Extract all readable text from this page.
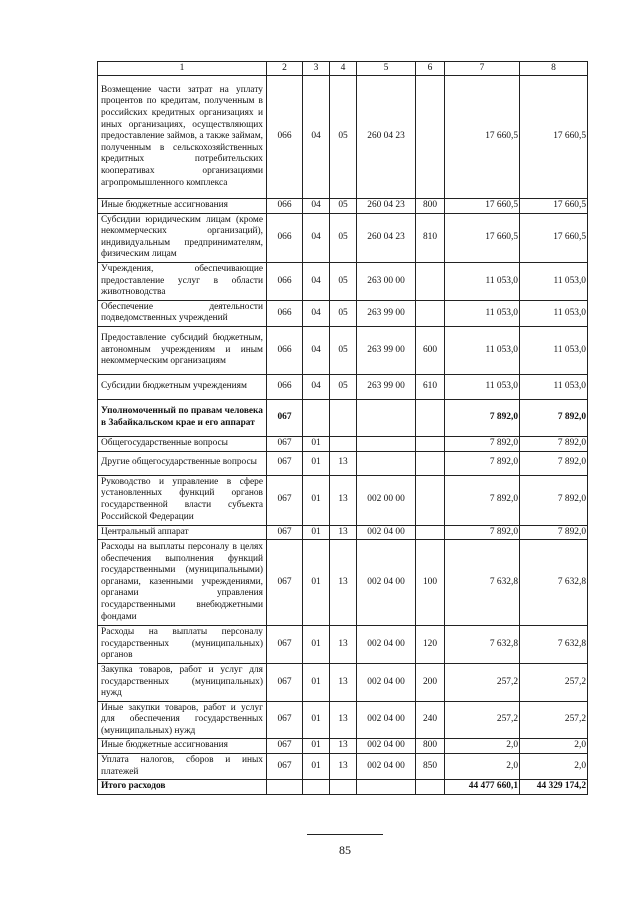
1	2	3	4	5	6	7	8
Возмещение части затрат на уплату процентов по кредитам, полученным в российских кредитных организациях и иных организациях, осуществляющих предоставление займов, а также займам, полученным в сельскохозяйственных кредитных потребительских кооперативах организациями агропромышленного комплекса	066	04	05	260 04 23		17 660,5	17 660,5
Иные бюджетные ассигнования	066	04	05	260 04 23	800	17 660,5	17 660,5
Субсидии юридическим лицам (кроме некоммерческих организаций), индивидуальным предпринимателям, физическим лицам	066	04	05	260 04 23	810	17 660,5	17 660,5
Учреждения, обеспечивающие предоставление услуг в области животноводства	066	04	05	263 00 00		11 053,0	11 053,0
Обеспечение деятельности подведомственных учреждений	066	04	05	263 99 00		11 053,0	11 053,0
Предоставление субсидий бюджетным, автономным учреждениям и иным некоммерческим организациям	066	04	05	263 99 00	600	11 053,0	11 053,0
Субсидии бюджетным учреждениям	066	04	05	263 99 00	610	11 053,0	11 053,0
Уполномоченный по правам человека в Забайкальском крае и его аппарат	067					7 892,0	7 892,0
Общегосударственные вопросы	067	01				7 892,0	7 892,0
Другие общегосударственные вопросы	067	01	13			7 892,0	7 892,0
Руководство и управление в сфере установленных функций органов государственной власти субъекта Российской Федерации	067	01	13	002 00 00		7 892,0	7 892,0
Центральный аппарат	067	01	13	002 04 00		7 892,0	7 892,0
Расходы на выплаты персоналу в целях обеспечения выполнения функций государственными (муниципальными) органами, казенными учреждениями, органами управления государственными внебюджетными фондами	067	01	13	002 04 00	100	7 632,8	7 632,8
Расходы на выплаты персоналу государственных (муниципальных) органов	067	01	13	002 04 00	120	7 632,8	7 632,8
Закупка товаров, работ и услуг для государственных (муниципальных) нужд	067	01	13	002 04 00	200	257,2	257,2
Иные закупки товаров, работ и услуг для обеспечения государственных (муниципальных) нужд	067	01	13	002 04 00	240	257,2	257,2
Иные бюджетные ассигнования	067	01	13	002 04 00	800	2,0	2,0
Уплата налогов, сборов и иных платежей	067	01	13	002 04 00	850	2,0	2,0
Итого расходов						44 477 660,1	44 329 174,2
85
